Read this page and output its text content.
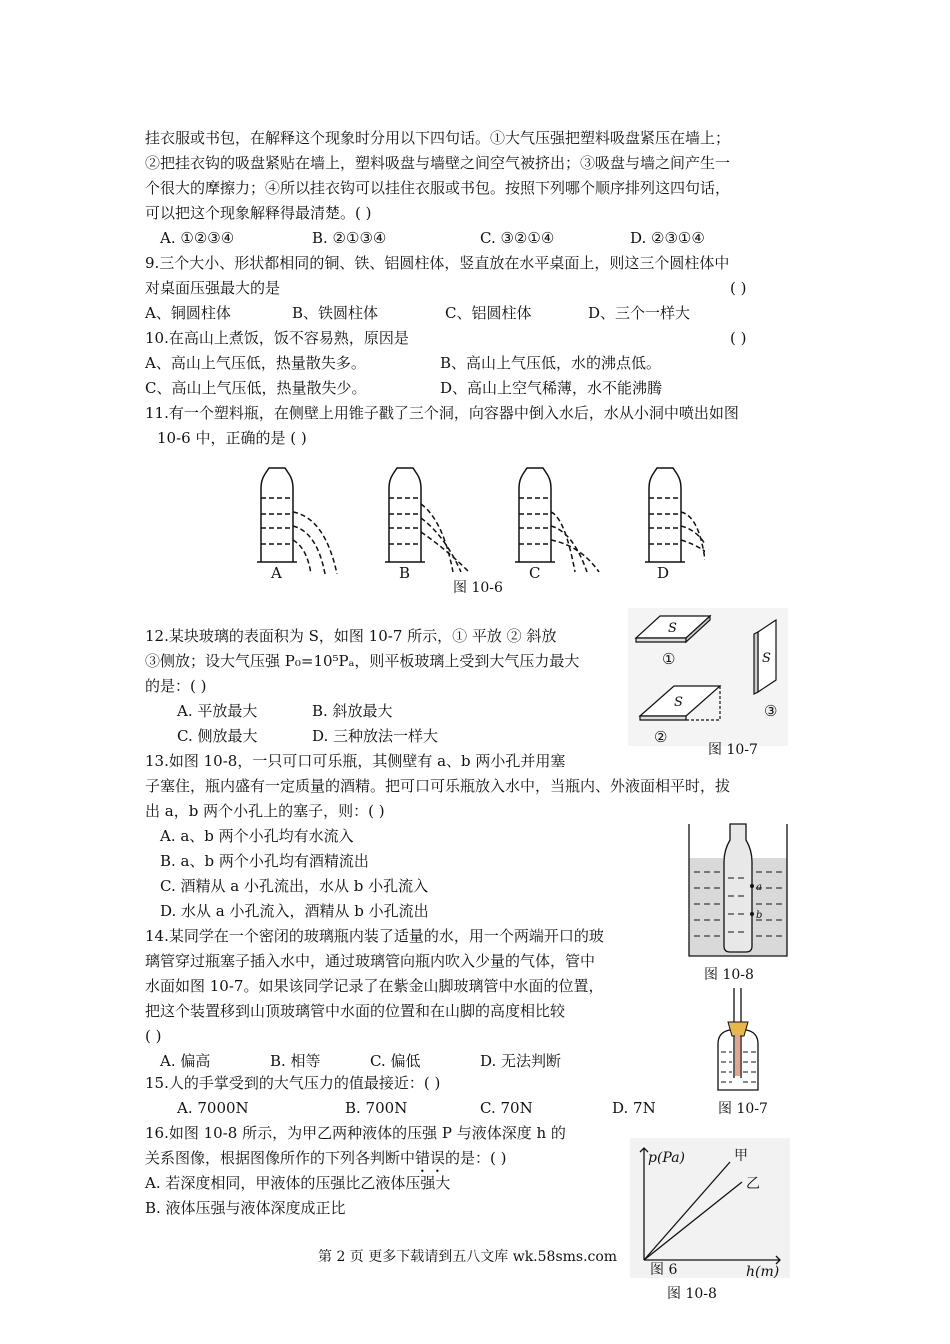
挂衣服或书包，在解释这个现象时分用以下四句话。①大气压强把塑料吸盘紧压在墙上；
②把挂衣钩的吸盘紧贴在墙上，塑料吸盘与墙壁之间空气被挤出；③吸盘与墙之间产生一
个很大的摩擦力；④所以挂衣钩可以挂住衣服或书包。按照下列哪个顺序排列这四句话，
可以把这个现象解释得最清楚。( )
A. ①②③④	B. ②①③④	C. ③②①④	D. ②③①④
9.三个大小、形状都相同的铜、铁、铝圆柱体，竖直放在水平桌面上，则这三个圆柱体中
对桌面压强最大的是	( )
A、铜圆柱体	B、铁圆柱体	C、铝圆柱体	D、三个一样大
10.在高山上煮饭，饭不容易熟，原因是	( )
A、高山上气压低，热量散失多。	B、高山上气压低，水的沸点低。
C、高山上气压低，热量散失少。	D、高山上空气稀薄，水不能沸腾
11.有一个塑料瓶，在侧壁上用锥子戳了三个洞，向容器中倒入水后，水从小洞中喷出如图
10-6 中，正确的是 ( )
A	B	C	D
图 10-6
12.某块玻璃的表面积为 S，如图 10-7 所示，① 平放 ② 斜放
③侧放；设大气压强 P₀=10⁵Pₐ，则平板玻璃上受到大气压力最大
的是：( )
A. 平放最大	B. 斜放最大
C. 侧放最大	D. 三种放法一样大
S
S
S
①
②
③
图 10-7
13.如图 10-8，一只可口可乐瓶，其侧壁有 a、b 两小孔并用塞
子塞住，瓶内盛有一定质量的酒精。把可口可乐瓶放入水中，当瓶内、外液面相平时，拔
出 a，b 两个小孔上的塞子，则：( )
A. a、b 两个小孔均有水流入
B. a、b 两个小孔均有酒精流出
C. 酒精从 a 小孔流出，水从 b 小孔流入
D. 水从 a 小孔流入，酒精从 b 小孔流出
a
b
图 10-8
14.某同学在一个密闭的玻璃瓶内装了适量的水，用一个两端开口的玻
璃管穿过瓶塞子插入水中，通过玻璃管向瓶内吹入少量的气体，管中
水面如图 10-7。如果该同学记录了在紫金山脚玻璃管中水面的位置，
把这个装置移到山顶玻璃管中水面的位置和在山脚的高度相比较
( )
A. 偏高	B. 相等	C. 偏低	D. 无法判断
图 10-7
15.人的手掌受到的大气压力的值最接近：( )
A. 7000N	B. 700N	C. 70N	D. 7N
16.如图 10-8 所示，为甲乙两种液体的压强 P 与液体深度 h 的
关系图像，根据图像所作的下列各判断中错误的是：( )
A. 若深度相同，甲液体的压强比乙液体压强大
B. 液体压强与液体深度成正比
p(Pa)	甲
乙
h(m)
图 6
图 10-8
第 2 页 更多下载请到五八文库 wk.58sms.com
